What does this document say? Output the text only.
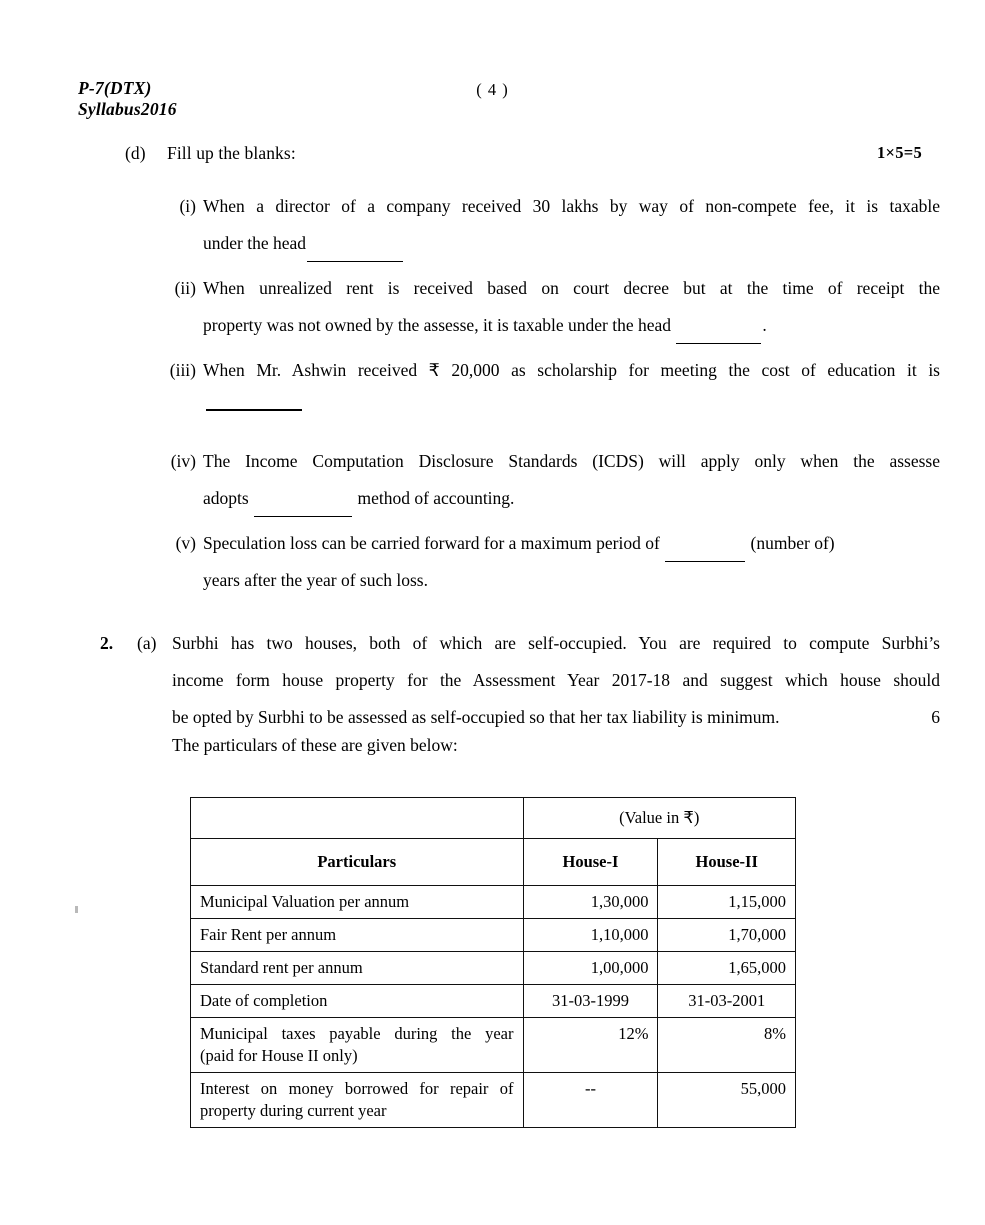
P-7(DTX)
Syllabus2016
( 4 )
1×5=5
(d) Fill up the blanks:
(i) When a director of a company received 30 lakhs by way of non-compete fee, it is taxable
under the head
(ii) When unrealized rent is received based on court decree but at the time of receipt the
property was not owned by the assesse, it is taxable under the head	.
(iii) When Mr. Ashwin received ₹ 20,000 as scholarship for meeting the cost of education it is
(iv) The Income Computation Disclosure Standards (ICDS) will apply only when the assesse
adopts	method of accounting.
(v) Speculation loss can be carried forward for a maximum period of	(number of)
years after the year of such loss.
2. (a) Surbhi has two houses, both of which are self-occupied. You are required to compute Surbhi’s
income form house property for the Assessment Year 2017-18 and suggest which house should
be opted by Surbhi to be assessed as self-occupied so that her tax liability is minimum.	6
The particulars of these are given below:
	(Value in ₹)	
Particulars	House-I	House-II
Municipal Valuation per annum	1,30,000	1,15,000
Fair Rent per annum	1,10,000	1,70,000
Standard rent per annum	1,00,000	1,65,000
Date of completion	31-03-1999	31-03-2001

Municipal taxes payable during the year
(paid for House II only)	12%	8%

Interest on money borrowed for repair of
property during current year	--	55,000
